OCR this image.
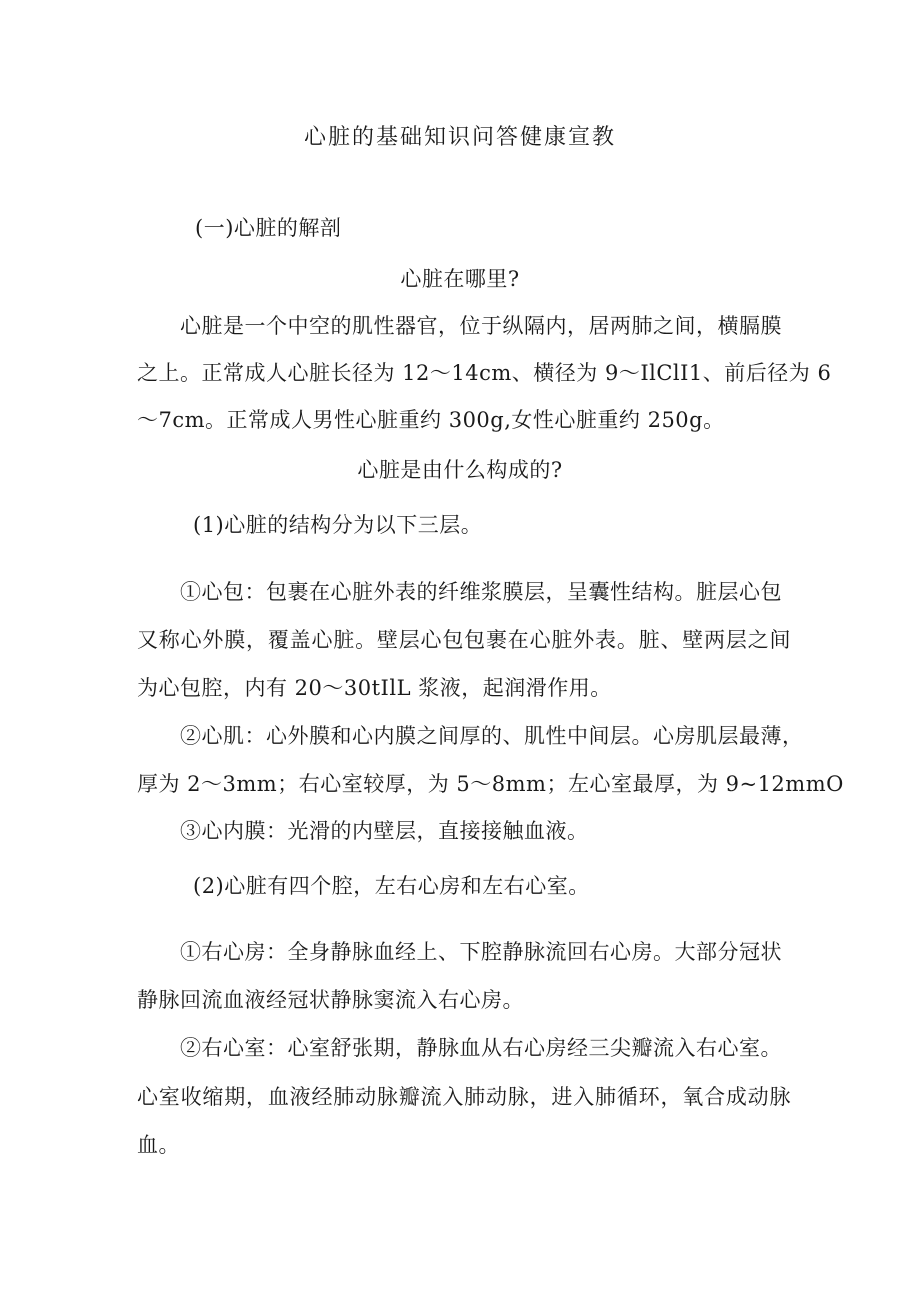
心脏的基础知识问答健康宣教
(一)心脏的解剖
心脏在哪里?
心脏是一个中空的肌性器官，位于纵隔内，居两肺之间，横膈膜
之上。正常成人心脏长径为 12～14cm、横径为 9～IlClI1、前后径为 6
～7cm。正常成人男性心脏重约 300g,女性心脏重约 250g。
心脏是由什么构成的?
(1)心脏的结构分为以下三层。
①心包：包裹在心脏外表的纤维浆膜层，呈囊性结构。脏层心包
又称心外膜，覆盖心脏。壁层心包包裹在心脏外表。脏、壁两层之间
为心包腔，内有 20～30tIlL 浆液，起润滑作用。
②心肌：心外膜和心内膜之间厚的、肌性中间层。心房肌层最薄，
厚为 2～3mm；右心室较厚，为 5～8mm；左心室最厚，为 9~12mmO
③心内膜：光滑的内壁层，直接接触血液。
(2)心脏有四个腔，左右心房和左右心室。
①右心房：全身静脉血经上、下腔静脉流回右心房。大部分冠状
静脉回流血液经冠状静脉窦流入右心房。
②右心室：心室舒张期，静脉血从右心房经三尖瓣流入右心室。
心室收缩期，血液经肺动脉瓣流入肺动脉，进入肺循环，氧合成动脉
血。
